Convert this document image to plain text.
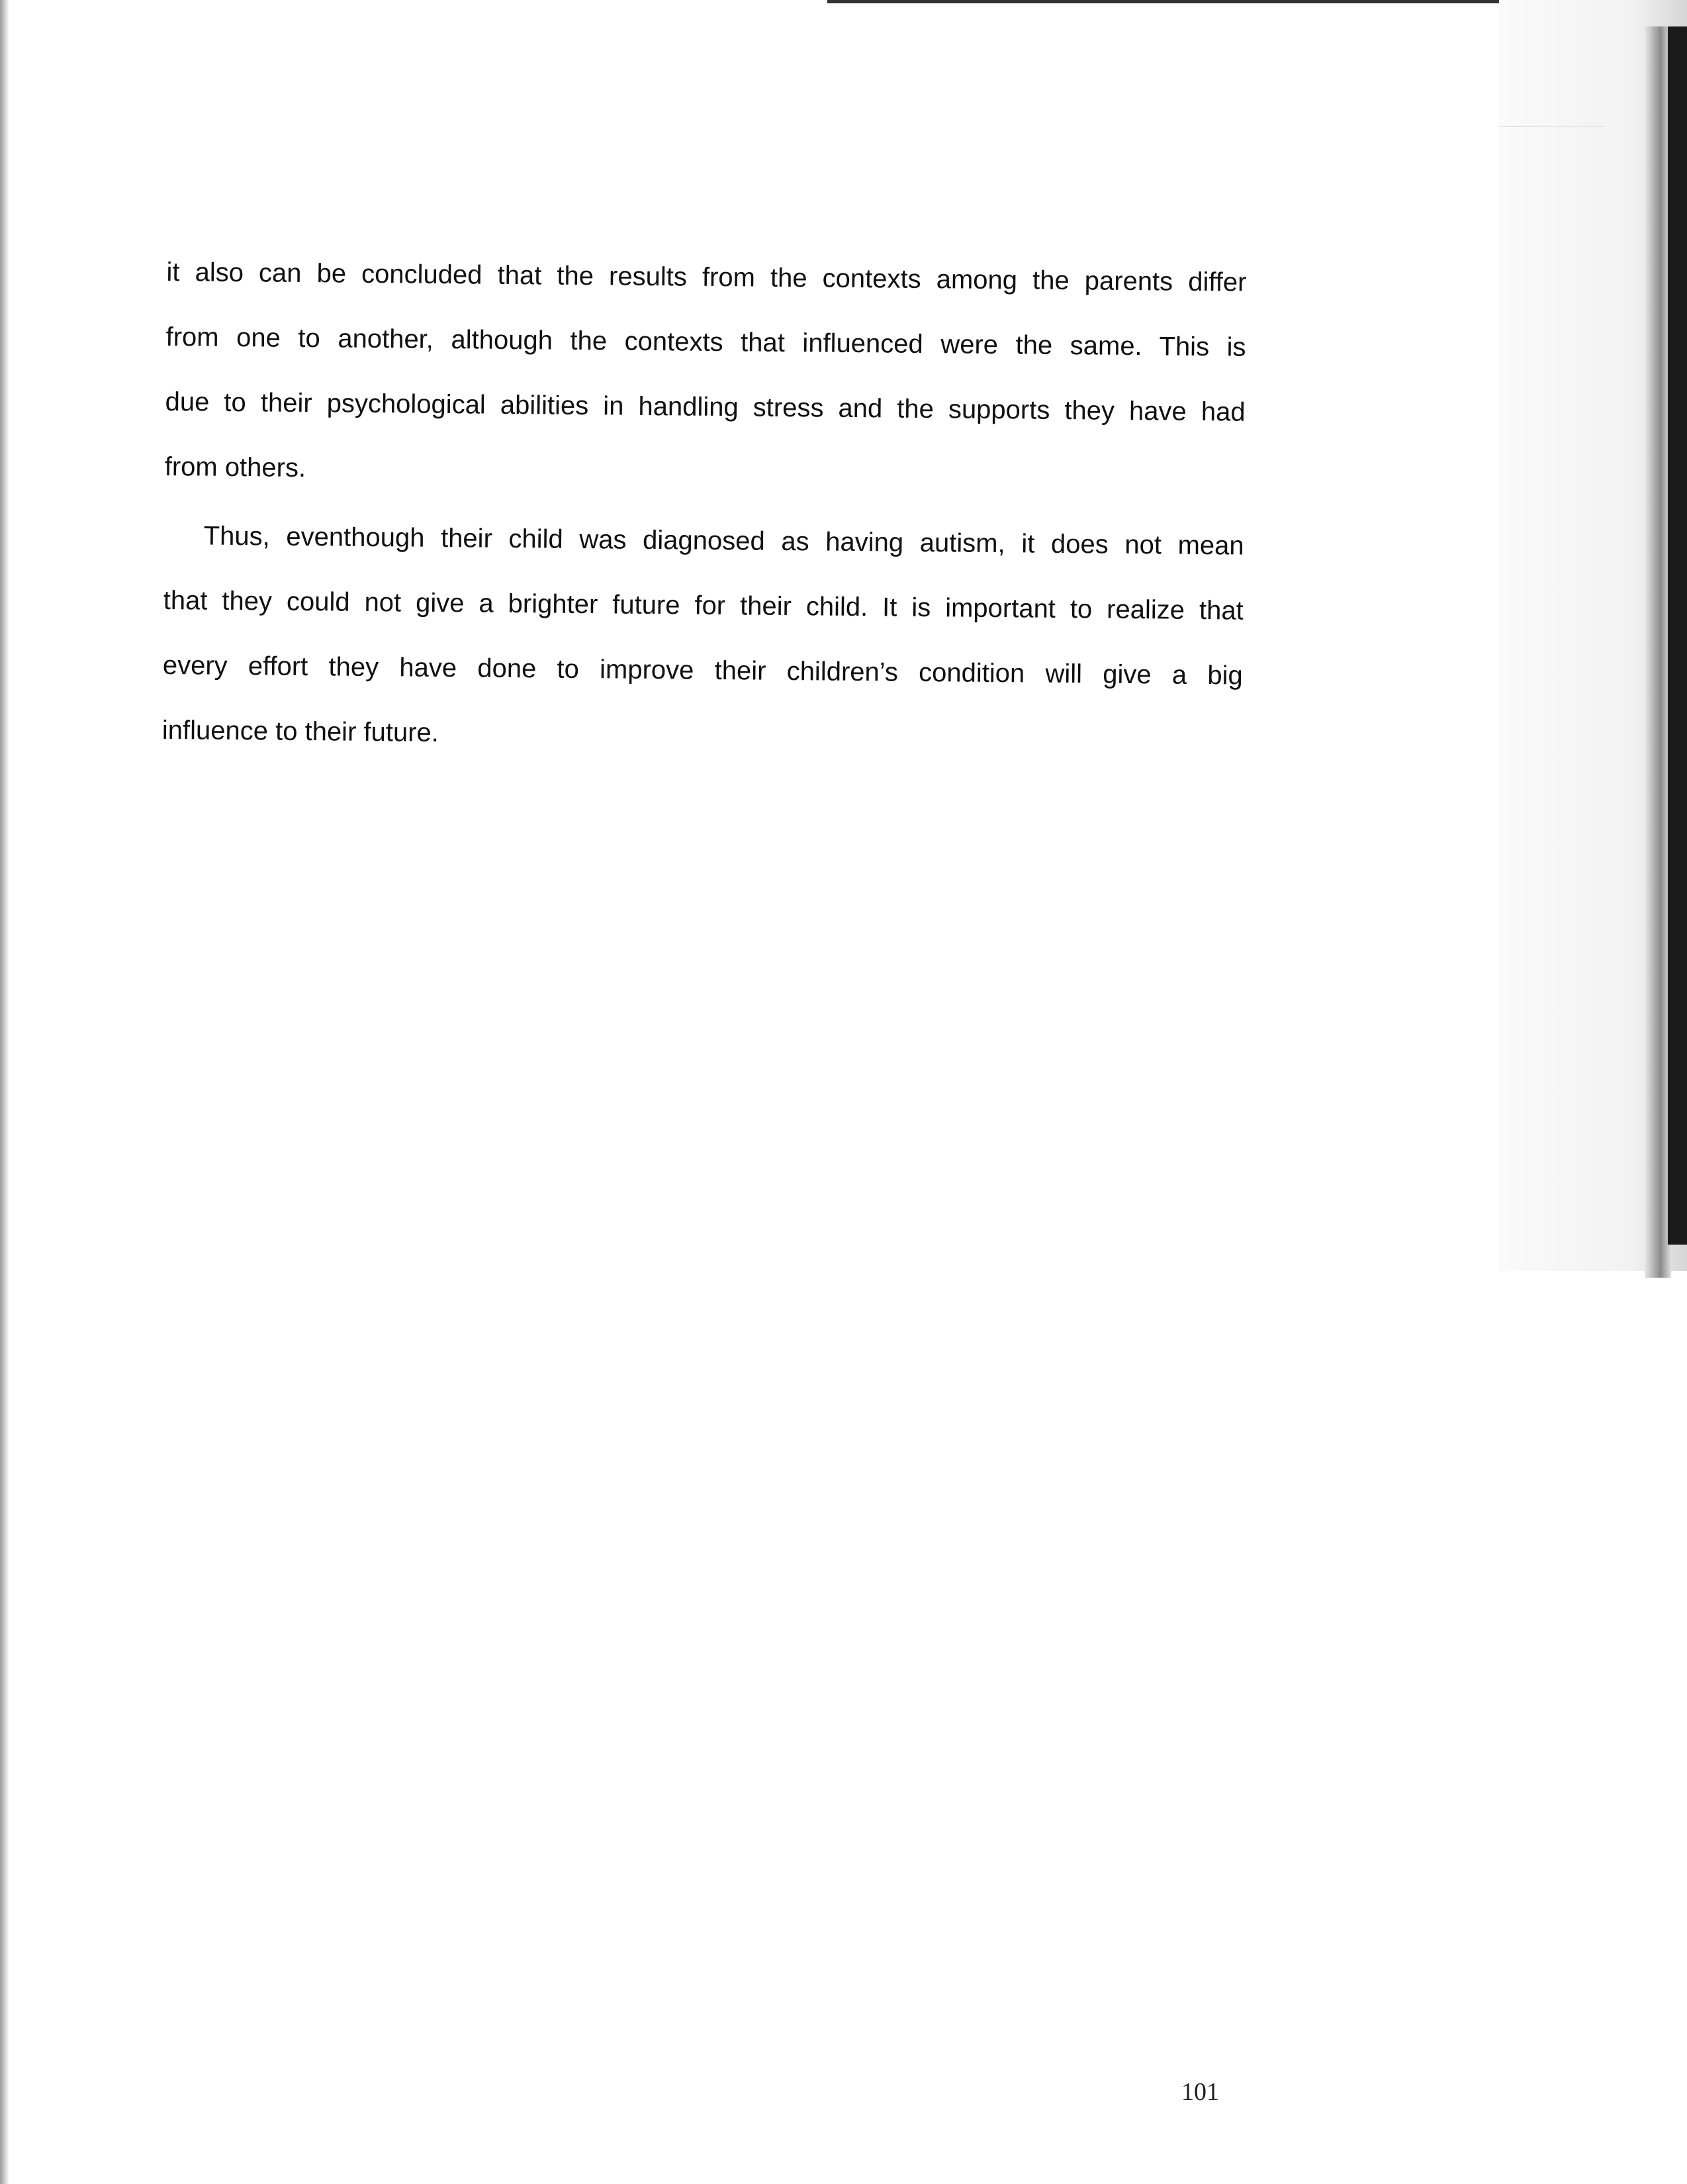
it also can be concluded that the results from the contexts among the parents differ
from one to another, although the contexts that influenced were the same. This is
due to their psychological abilities in handling stress and the supports they have had
from others.
Thus, eventhough their child was diagnosed as having autism, it does not mean
that they could not give a brighter future for their child. It is important to realize that
every effort they have done to improve their children’s condition will give a big
influence to their future.
101
